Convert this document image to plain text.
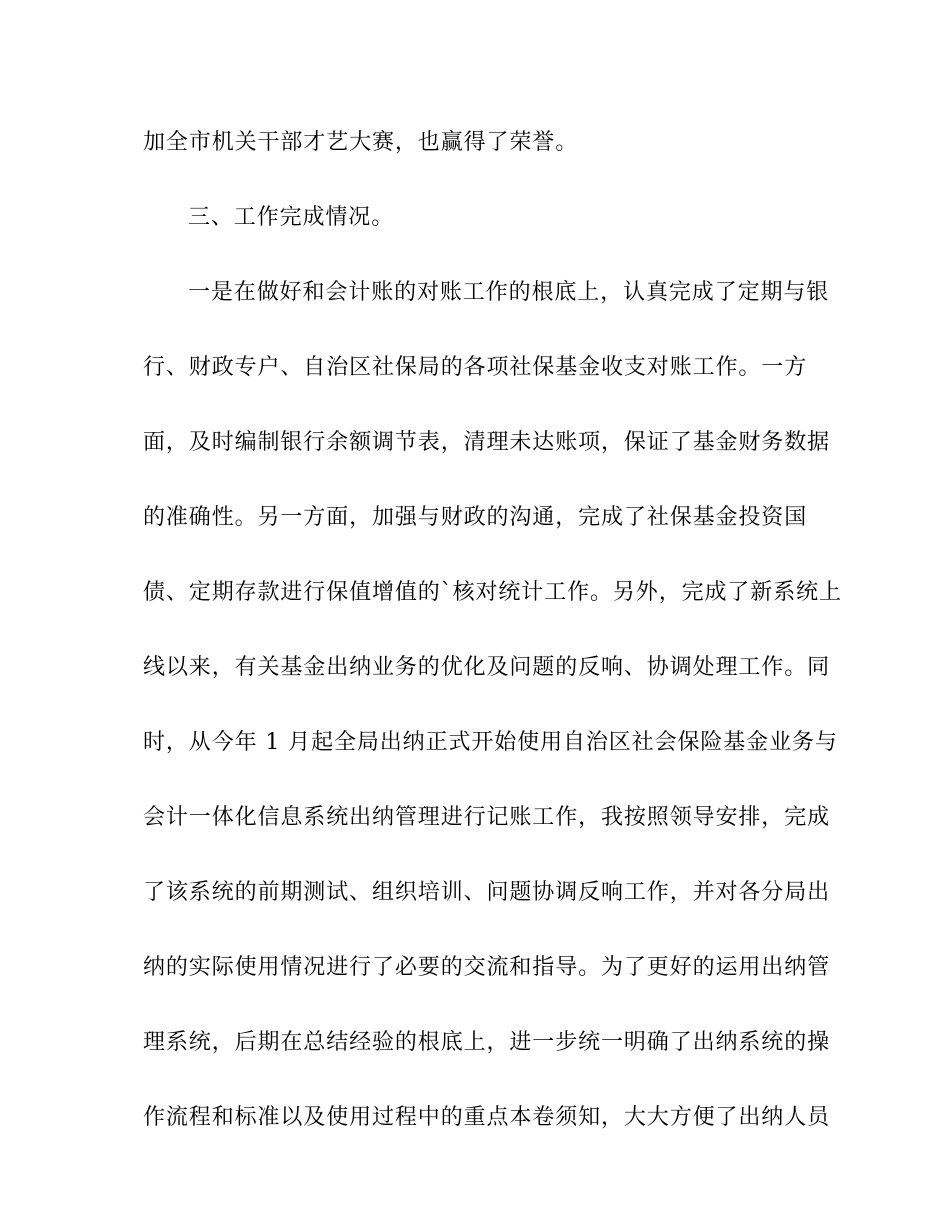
加全市机关干部才艺大赛，也赢得了荣誉。
三、工作完成情况。
一是在做好和会计账的对账工作的根底上，认真完成了定期与银
行、财政专户、自治区社保局的各项社保基金收支对账工作。一方
面，及时编制银行余额调节表，清理未达账项，保证了基金财务数据
的准确性。另一方面，加强与财政的沟通，完成了社保基金投资国
债、定期存款进行保值增值的`核对统计工作。另外，完成了新系统上
线以来，有关基金出纳业务的优化及问题的反响、协调处理工作。同
时，从今年 1 月起全局出纳正式开始使用自治区社会保险基金业务与
会计一体化信息系统出纳管理进行记账工作，我按照领导安排，完成
了该系统的前期测试、组织培训、问题协调反响工作，并对各分局出
纳的实际使用情况进行了必要的交流和指导。为了更好的运用出纳管
理系统，后期在总结经验的根底上，进一步统一明确了出纳系统的操
作流程和标准以及使用过程中的重点本卷须知，大大方便了出纳人员
